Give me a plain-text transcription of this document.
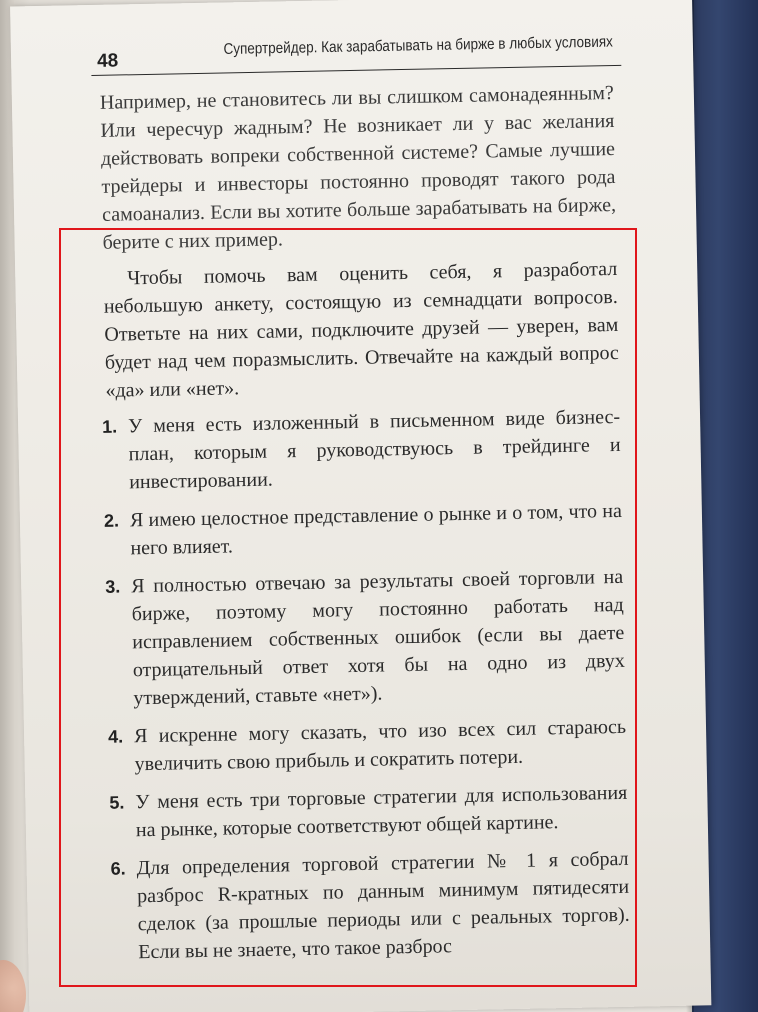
48
Супертрейдер. Как зарабатывать на бирже в любых условиях

Например, не становитесь ли вы слишком самонадеянным? Или чересчур жадным? Не возникает ли у вас желания действовать вопреки собственной системе? Самые лучшие трейдеры и инвесторы постоянно проводят такого рода самоанализ. Если вы хотите больше зарабатывать на бирже, берите с них пример.

Чтобы помочь вам оценить себя, я разработал небольшую анкету, состоящую из семнадцати вопросов. Ответьте на них сами, подключите друзей — уверен, вам будет над чем поразмыслить. Отвечайте на каждый вопрос «да» или «нет».

1. У меня есть изложенный в письменном виде бизнес-план, которым я руководствуюсь в трейдинге и инвестировании.
2. Я имею целостное представление о рынке и о том, что на него влияет.
3. Я полностью отвечаю за результаты своей торговли на бирже, поэтому могу постоянно работать над исправлением собственных ошибок (если вы даете отрицательный ответ хотя бы на одно из двух утверждений, ставьте «нет»).
4. Я искренне могу сказать, что изо всех сил стараюсь увеличить свою прибыль и сократить потери.
5. У меня есть три торговые стратегии для использования на рынке, которые соответствуют общей картине.
6. Для определения торговой стратегии № 1 я собрал разброс R-кратных по данным минимум пятидесяти сделок (за прошлые периоды или с реальных торгов). Если вы не знаете, что такое разброс
